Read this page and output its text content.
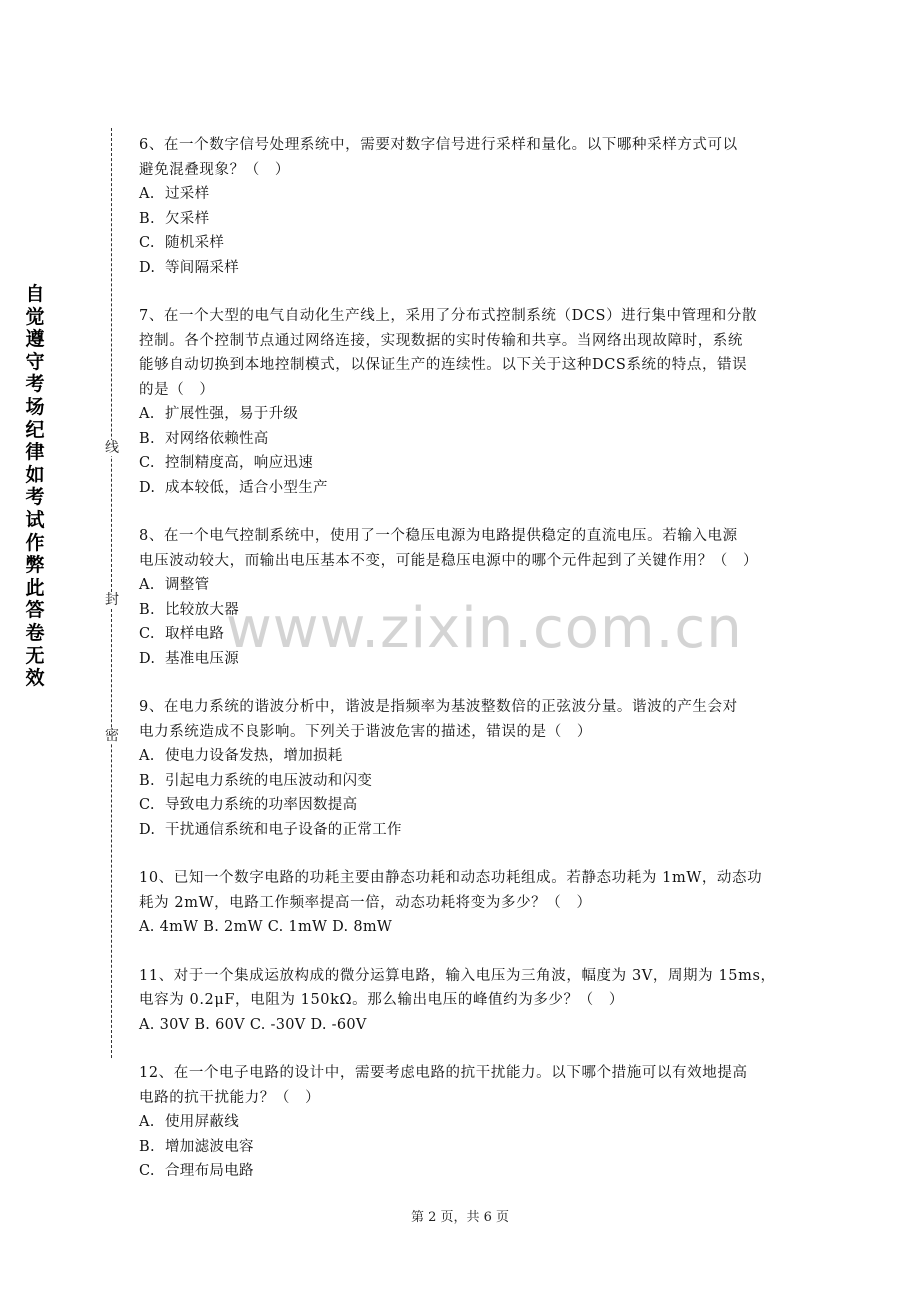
自
觉
遵
守
考
场
纪
律
如
考
试
作
弊
此
答
卷
无
效
线
封
密
www.zixin.com.cn
6、在一个数字信号处理系统中，需要对数字信号进行采样和量化。以下哪种采样方式可以
避免混叠现象？（　）
A. 过采样
B. 欠采样
C. 随机采样
D. 等间隔采样
7、在一个大型的电气自动化生产线上，采用了分布式控制系统（DCS）进行集中管理和分散
控制。各个控制节点通过网络连接，实现数据的实时传输和共享。当网络出现故障时，系统
能够自动切换到本地控制模式，以保证生产的连续性。以下关于这种DCS系统的特点，错误
的是（　）
A. 扩展性强，易于升级
B. 对网络依赖性高
C. 控制精度高，响应迅速
D. 成本较低，适合小型生产
8、在一个电气控制系统中，使用了一个稳压电源为电路提供稳定的直流电压。若输入电源
电压波动较大，而输出电压基本不变，可能是稳压电源中的哪个元件起到了关键作用？（　）
A. 调整管
B. 比较放大器
C. 取样电路
D. 基准电压源
9、在电力系统的谐波分析中，谐波是指频率为基波整数倍的正弦波分量。谐波的产生会对
电力系统造成不良影响。下列关于谐波危害的描述，错误的是（　）
A. 使电力设备发热，增加损耗
B. 引起电力系统的电压波动和闪变
C. 导致电力系统的功率因数提高
D. 干扰通信系统和电子设备的正常工作
10、已知一个数字电路的功耗主要由静态功耗和动态功耗组成。若静态功耗为 1mW，动态功
耗为 2mW，电路工作频率提高一倍，动态功耗将变为多少？（　）
A. 4mW B. 2mW C. 1mW D. 8mW
11、对于一个集成运放构成的微分运算电路，输入电压为三角波，幅度为 3V，周期为 15ms，
电容为 0.2μF，电阻为 150kΩ。那么输出电压的峰值约为多少？（　）
A. 30V B. 60V C. -30V D. -60V
12、在一个电子电路的设计中，需要考虑电路的抗干扰能力。以下哪个措施可以有效地提高
电路的抗干扰能力？（　）
A. 使用屏蔽线
B. 增加滤波电容
C. 合理布局电路
第 2 页，共 6 页
